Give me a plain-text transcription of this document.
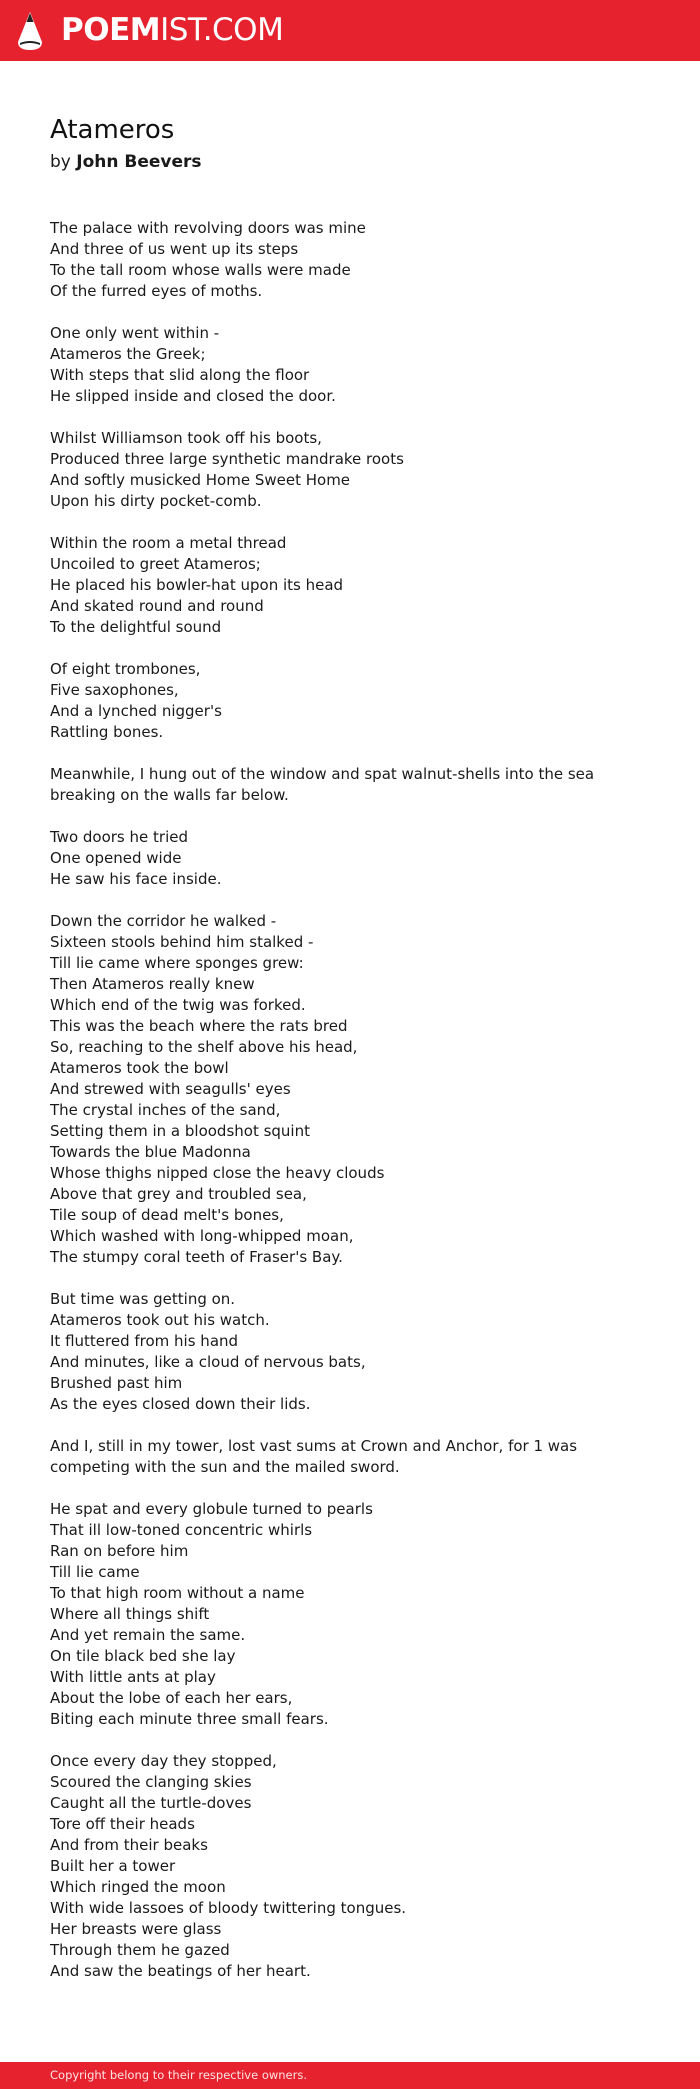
POEMIST.COM
Atameros

by John Beevers

The palace with revolving doors was mine
And three of us went up its steps
To the tall room whose walls were made
Of the furred eyes of moths.

One only went within -
Atameros the Greek;
With steps that slid along the floor
He slipped inside and closed the door.

Whilst Williamson took off his boots,
Produced three large synthetic mandrake roots
And softly musicked Home Sweet Home
Upon his dirty pocket-comb.

Within the room a metal thread
Uncoiled to greet Atameros;
He placed his bowler-hat upon its head
And skated round and round
To the delightful sound

Of eight trombones,
Five saxophones,
And a lynched nigger's
Rattling bones.

Meanwhile, I hung out of the window and spat walnut-shells into the sea breaking on the walls far below.

Two doors he tried
One opened wide
He saw his face inside.

Down the corridor he walked -
Sixteen stools behind him stalked -
Till lie came where sponges grew:
Then Atameros really knew
Which end of the twig was forked.
This was the beach where the rats bred
So, reaching to the shelf above his head,
Atameros took the bowl
And strewed with seagulls' eyes
The crystal inches of the sand,
Setting them in a bloodshot squint
Towards the blue Madonna
Whose thighs nipped close the heavy clouds
Above that grey and troubled sea,
Tile soup of dead melt's bones,
Which washed with long-whipped moan,
The stumpy coral teeth of Fraser's Bay.

But time was getting on.
Atameros took out his watch.
It fluttered from his hand
And minutes, like a cloud of nervous bats,
Brushed past him
As the eyes closed down their lids.

And I, still in my tower, lost vast sums at Crown and Anchor, for 1 was competing with the sun and the mailed sword.

He spat and every globule turned to pearls
That ill low-toned concentric whirls
Ran on before him
Till lie came
To that high room without a name
Where all things shift
And yet remain the same.
On tile black bed she lay
With little ants at play
About the lobe of each her ears,
Biting each minute three small fears.

Once every day they stopped,
Scoured the clanging skies
Caught all the turtle-doves
Tore off their heads
And from their beaks
Built her a tower
Which ringed the moon
With wide lassoes of bloody twittering tongues.
Her breasts were glass
Through them he gazed
And saw the beatings of her heart.

Copyright belong to their respective owners.
